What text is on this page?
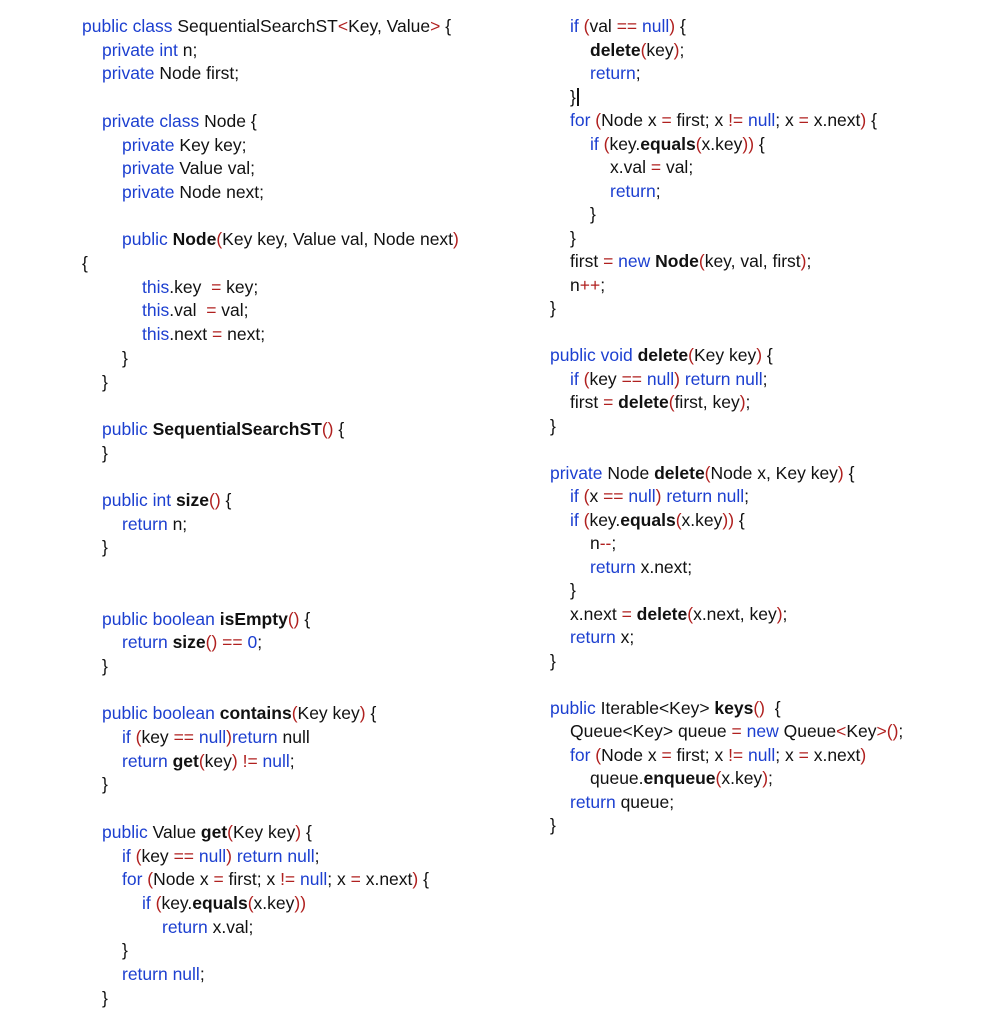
public class SequentialSearchST<Key, Value> {
private int n;
private Node first;
private class Node {
private Key key;
private Value val;
private Node next;
public Node(Key key, Value val, Node next)
{
this.key  = key;
this.val  = val;
this.next = next;
}
}
public SequentialSearchST() {
}
public int size() {
return n;
}
public boolean isEmpty() {
return size() == 0;
}
public boolean contains(Key key) {
if (key == null)return null
return get(key) != null;
}
public Value get(Key key) {
if (key == null) return null;
for (Node x = first; x != null; x = x.next) {
if (key.equals(x.key))
return x.val;
}
return null;
}
if (val == null) {
delete(key);
return;
}
for (Node x = first; x != null; x = x.next) {
if (key.equals(x.key)) {
x.val = val;
return;
}
}
first = new Node(key, val, first);
n++;
}
public void delete(Key key) {
if (key == null) return null;
first = delete(first, key);
}
private Node delete(Node x, Key key) {
if (x == null) return null;
if (key.equals(x.key)) {
n--;
return x.next;
}
x.next = delete(x.next, key);
return x;
}
public Iterable<Key> keys()  {
Queue<Key> queue = new Queue<Key>();
for (Node x = first; x != null; x = x.next)
queue.enqueue(x.key);
return queue;
}
